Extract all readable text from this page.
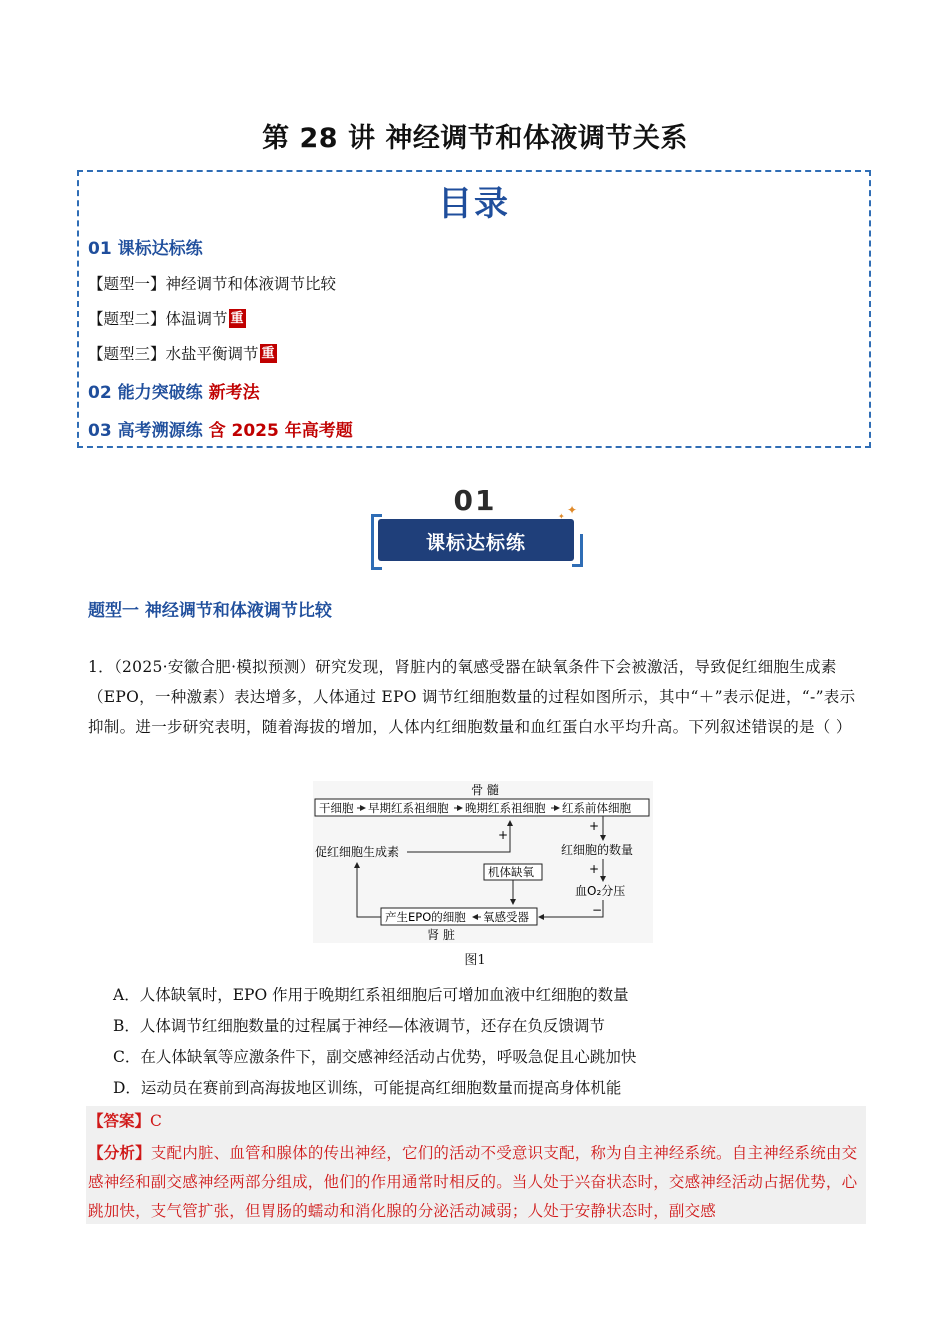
第 28 讲 神经调节和体液调节关系
目录
01 课标达标练
【题型一】神经调节和体液调节比较
【题型二】体温调节 重
【题型三】水盐平衡调节 重
02 能力突破练 新考法
03 高考溯源练 含 2025 年高考题
01
课标达标练
✦
✦
题型一 神经调节和体液调节比较
1．（2025·安徽合肥·模拟预测）研究发现，肾脏内的氧感受器在缺氧条件下会被激活，导致促红细胞生成素（EPO，一种激素）表达增多，人体通过 EPO 调节红细胞数量的过程如图所示，其中“＋”表示促进，“-”表示抑制。进一步研究表明，随着海拔的增加，人体内红细胞数量和血红蛋白水平均升高。下列叙述错误的是（ ）
骨 髓
干细胞 早期红系祖细胞 晚期红系祖细胞 红系前体细胞
+
促红细胞生成素
+
红细胞的数量
+
血O₂分压
机体缺氧
−
产生EPO的细胞 氧感受器
肾 脏
图1
A．人体缺氧时，EPO 作用于晚期红系祖细胞后可增加血液中红细胞的数量
B．人体调节红细胞数量的过程属于神经—体液调节，还存在负反馈调节
C．在人体缺氧等应激条件下，副交感神经活动占优势，呼吸急促且心跳加快
D．运动员在赛前到高海拔地区训练，可能提高红细胞数量而提高身体机能
【答案】C
【分析】支配内脏、血管和腺体的传出神经，它们的活动不受意识支配，称为自主神经系统。自主神经系统由交感神经和副交感神经两部分组成，他们的作用通常时相反的。当人处于兴奋状态时，交感神经活动占据优势，心跳加快，支气管扩张，但胃肠的蠕动和消化腺的分泌活动减弱；人处于安静状态时，副交感
